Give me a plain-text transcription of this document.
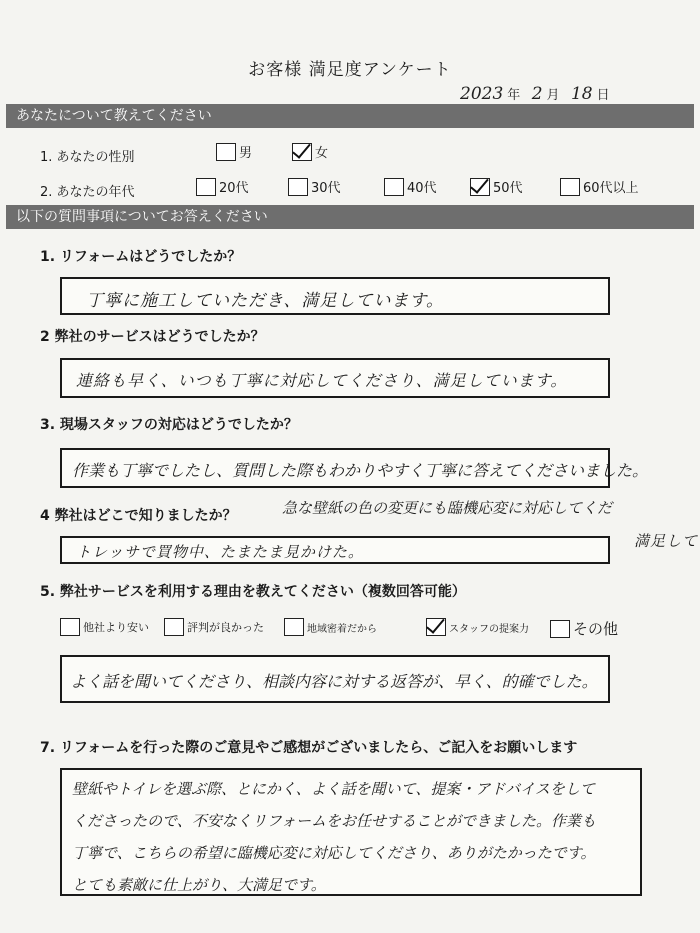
お客様 満足度アンケート
2023 年 2 月 18 日
あなたについて教えてください
1. あなたの性別	男	女
2. あなたの年代	20代	30代	40代	50代	60代以上
以下の質問事項についてお答えください
1. リフォームはどうでしたか？
丁寧に施工していただき、満足しています。
2 弊社のサービスはどうでしたか？
連絡も早く、いつも丁寧に対応してくださり、満足しています。
3. 現場スタッフの対応はどうでしたか？
作業も丁寧でしたし、質問した際もわかりやすく丁寧に答えてくださいました。
4 弊社はどこで知りましたか？	急な壁紙の色の変更にも臨機応変に対応してくだ
満足して
トレッサで買物中、たまたま見かけた。
5. 弊社サービスを利用する理由を教えてください（複数回答可能）
他社より安い	評判が良かった	地域密着だから	スタッフの提案力	その他
よく話を聞いてくださり、相談内容に対する返答が、早く、的確でした。
7. リフォームを行った際のご意見やご感想がございましたら、ご記入をお願いします
壁紙やトイレを選ぶ際、とにかく、よく話を聞いて、提案・アドバイスをして
くださったので、不安なくリフォームをお任せすることができました。作業も
丁寧で、こちらの希望に臨機応変に対応してくださり、ありがたかったです。
とても素敵に仕上がり、大満足です。
